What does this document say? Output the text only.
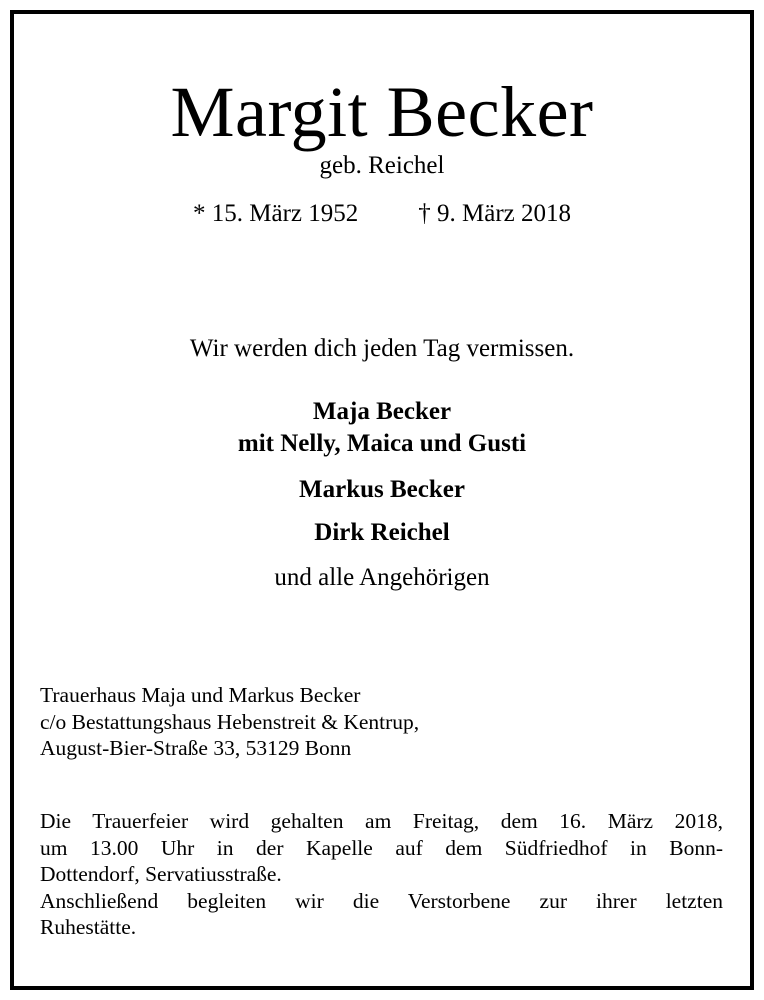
Margit Becker
geb. Reichel
* 15. März 1952 † 9. März 2018
Wir werden dich jeden Tag vermissen.
Maja Becker
mit Nelly, Maica und Gusti
Markus Becker
Dirk Reichel
und alle Angehörigen
Trauerhaus Maja und Markus Becker
c/o Bestattungshaus Hebenstreit & Kentrup,
August-Bier-Straße 33, 53129 Bonn
Die Trauerfeier wird gehalten am Freitag, dem 16. März 2018,
um 13.00 Uhr in der Kapelle auf dem Südfriedhof in Bonn-
Dottendorf, Servatiusstraße.
Anschließend begleiten wir die Verstorbene zur ihrer letzten
Ruhestätte.
